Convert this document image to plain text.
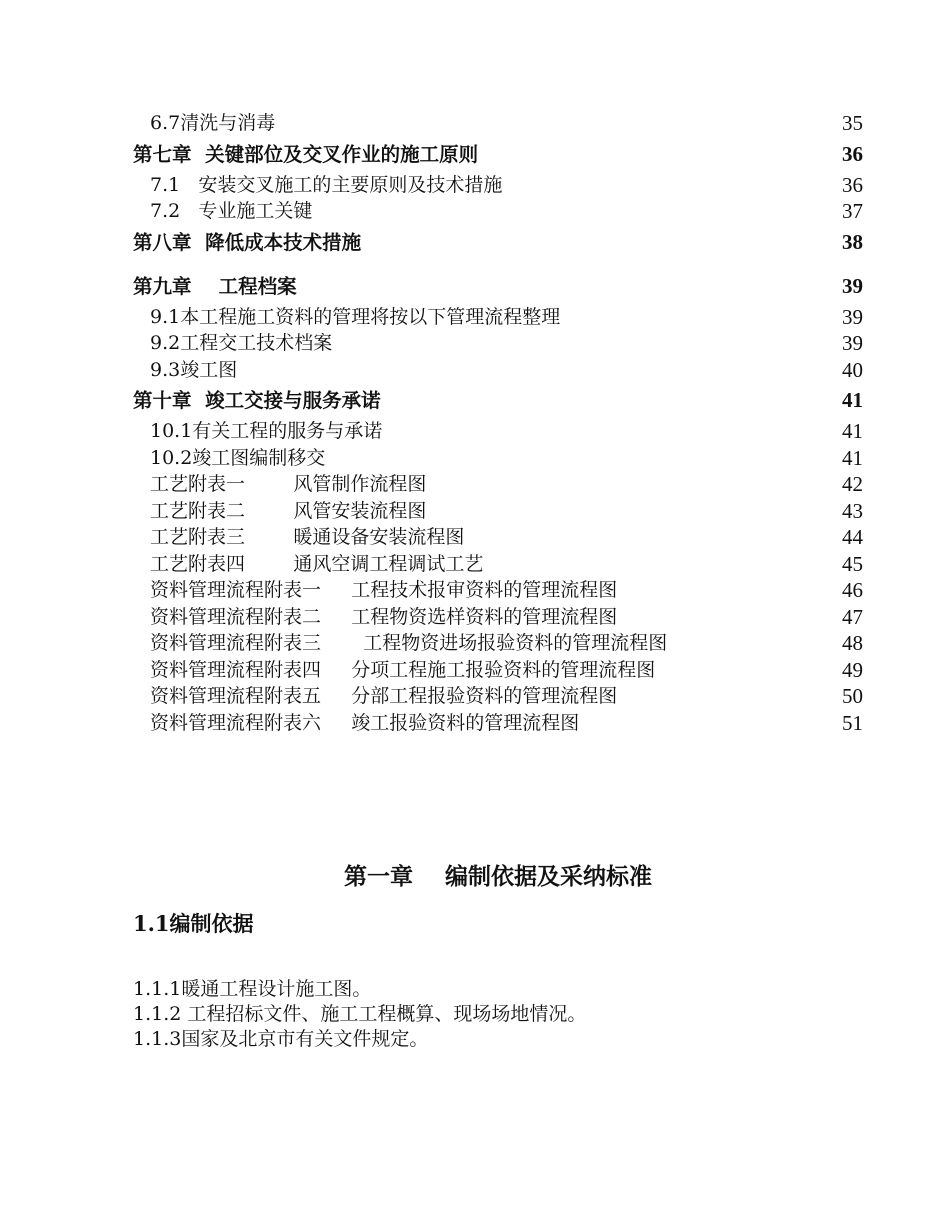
6.7清洗与消毒	35
第七章  关键部位及交叉作业的施工原则	36
7.1   安装交叉施工的主要原则及技术措施	36
7.2   专业施工关键	37
第八章  降低成本技术措施	38
第九章    工程档案	39
9.1本工程施工资料的管理将按以下管理流程整理	39
9.2工程交工技术档案	39
9.3竣工图	40
第十章  竣工交接与服务承诺	41
10.1有关工程的服务与承诺	41
10.2竣工图编制移交	41
工艺附表一        风管制作流程图	42
工艺附表二        风管安装流程图	43
工艺附表三        暖通设备安装流程图	44
工艺附表四        通风空调工程调试工艺	45
资料管理流程附表一     工程技术报审资料的管理流程图	46
资料管理流程附表二     工程物资选样资料的管理流程图	47
资料管理流程附表三       工程物资进场报验资料的管理流程图	48
资料管理流程附表四     分项工程施工报验资料的管理流程图	49
资料管理流程附表五     分部工程报验资料的管理流程图	50
资料管理流程附表六     竣工报验资料的管理流程图	51
第一章    编制依据及采纳标准
1.1编制依据
1.1.1暖通工程设计施工图。
1.1.2 工程招标文件、施工工程概算、现场场地情况。
1.1.3国家及北京市有关文件规定。
